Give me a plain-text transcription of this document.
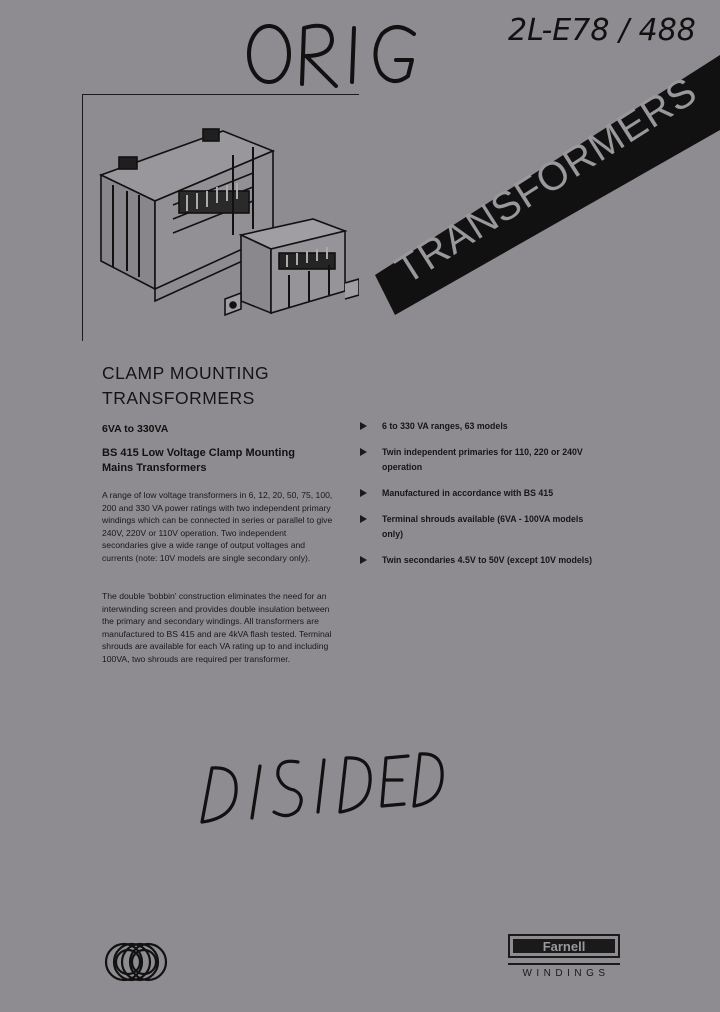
2L-E78 / 488
TRANSFORMERS
CLAMP MOUNTING
TRANSFORMERS
6VA to 330VA
BS 415 Low Voltage Clamp Mounting
Mains Transformers
A range of low voltage transformers in 6, 12, 20, 50, 75, 100, 200 and 330 VA power ratings with two independent primary windings which can be connected in series or parallel to give 240V, 220V or 110V operation. Two independent secondaries give a wide range of output voltages and currents (note: 10V models are single secondary only).
The double 'bobbin' construction eliminates the need for an interwinding screen and provides double insulation between the primary and secondary windings. All transformers are manufactured to BS 415 and are 4kVA flash tested. Terminal shrouds are available for each VA rating up to and including 100VA, two shrouds are required per transformer.
6 to 330 VA ranges, 63 models
Twin independent primaries for 110, 220 or 240V operation
Manufactured in accordance with BS 415
Terminal shrouds available (6VA - 100VA models only)
Twin secondaries 4.5V to 50V (except 10V models)
Farnell
WINDINGS
